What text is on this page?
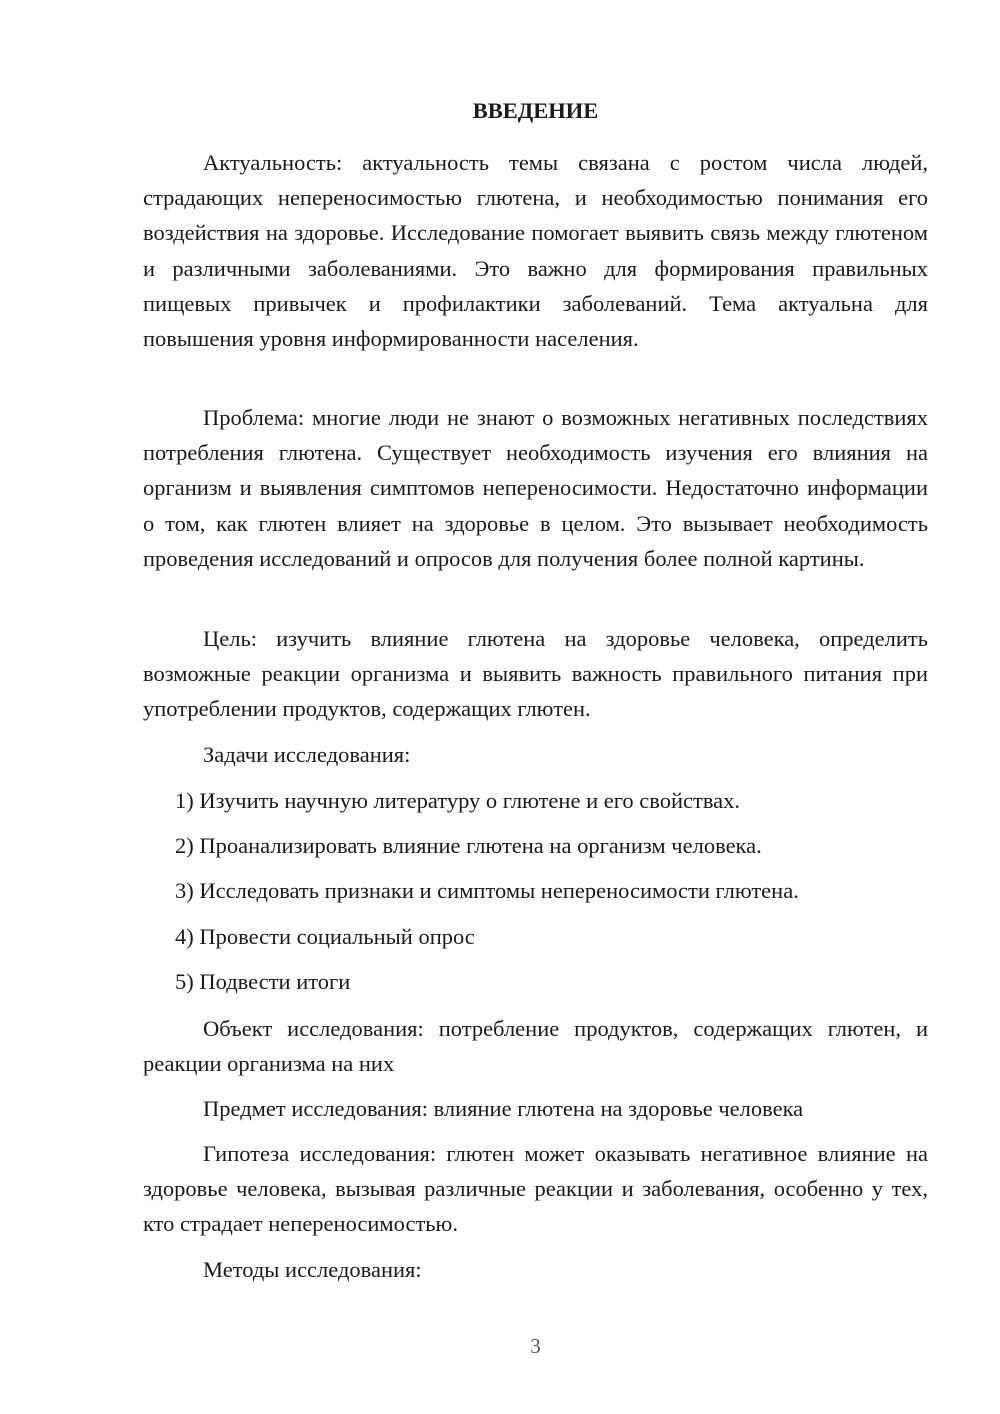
ВВЕДЕНИЕ

Актуальность: актуальность темы связана с ростом числа людей, страдающих непереносимостью глютена, и необходимостью понимания его воздействия на здоровье. Исследование помогает выявить связь между глютеном и различными заболеваниями. Это важно для формирования правильных пищевых привычек и профилактики заболеваний. Тема актуальна для повышения уровня информированности населения.

Проблема: многие люди не знают о возможных негативных последствиях потребления глютена. Существует необходимость изучения его влияния на организм и выявления симптомов непереносимости. Недостаточно информации о том, как глютен влияет на здоровье в целом. Это вызывает необходимость проведения исследований и опросов для получения более полной картины.

Цель: изучить влияние глютена на здоровье человека, определить возможные реакции организма и выявить важность правильного питания при употреблении продуктов, содержащих глютен.

Задачи исследования:

1) Изучить научную литературу о глютене и его свойствах.

2) Проанализировать влияние глютена на организм человека.

3) Исследовать признаки и симптомы непереносимости глютена.

4) Провести социальный опрос

5) Подвести итоги

Объект исследования: потребление продуктов, содержащих глютен, и реакции организма на них

Предмет исследования: влияние глютена на здоровье человека

Гипотеза исследования: глютен может оказывать негативное влияние на здоровье человека, вызывая различные реакции и заболевания, особенно у тех, кто страдает непереносимостью.

Методы исследования:

3
